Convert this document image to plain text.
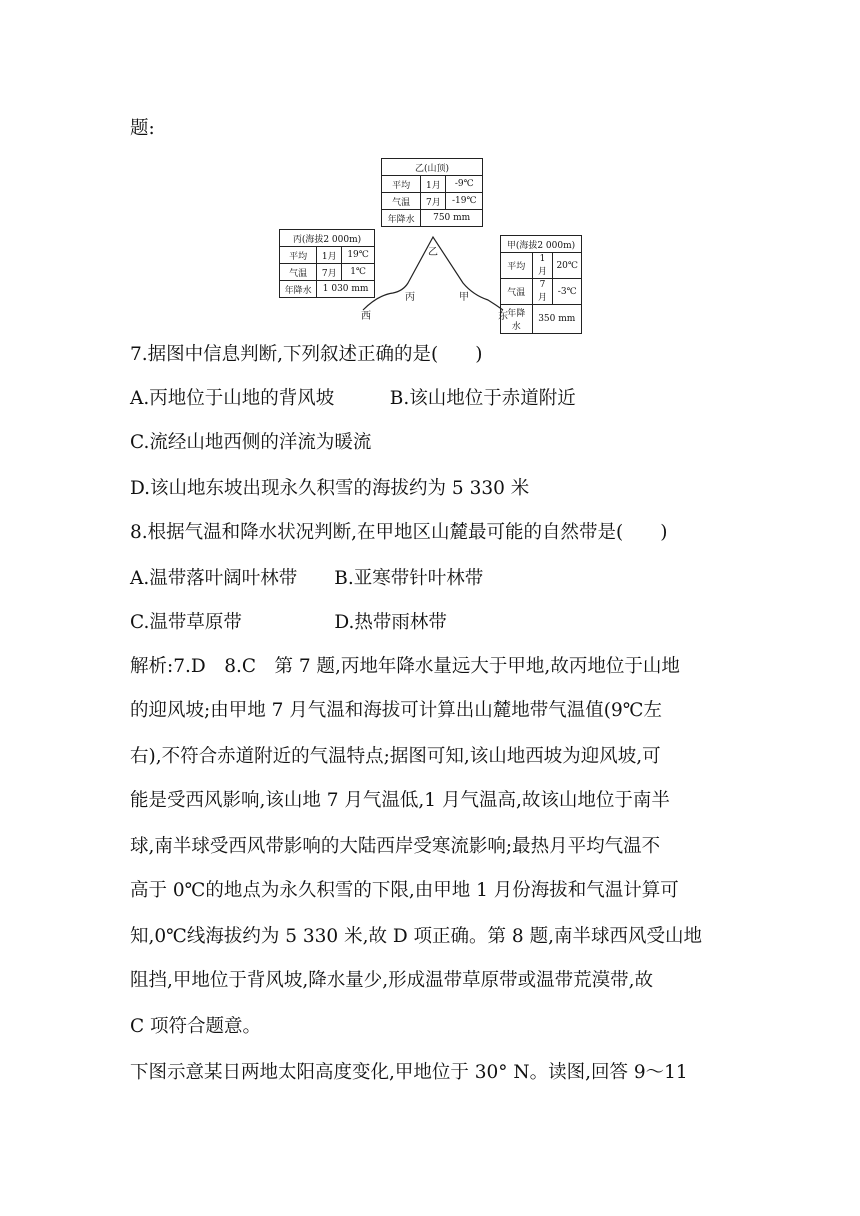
题:
乙(山顶)		
平均	1月	-9℃
气温	7月	-19℃
年降水	750 mm	
丙(海拔2 000m)		
平均	1月	19℃
气温	7月	1℃
年降水	1 030 mm	
甲(海拔2 000m)		
平均	1月	20℃
气温	7月	-3℃
年降水	350 mm	
乙
丙	甲
西	东
7.据图中信息判断,下列叙述正确的是(　　)
A.丙地位于山地的背风坡　　　B.该山地位于赤道附近
C.流经山地西侧的洋流为暖流
D.该山地东坡出现永久积雪的海拔约为 5 330 米
8.根据气温和降水状况判断,在甲地区山麓最可能的自然带是(　　)
A.温带落叶阔叶林带　　B.亚寒带针叶林带
C.温带草原带　　　　　D.热带雨林带
解析:7.D　8.C　第 7 题,丙地年降水量远大于甲地,故丙地位于山地
的迎风坡;由甲地 7 月气温和海拔可计算出山麓地带气温值(9℃左
右),不符合赤道附近的气温特点;据图可知,该山地西坡为迎风坡,可
能是受西风影响,该山地 7 月气温低,1 月气温高,故该山地位于南半
球,南半球受西风带影响的大陆西岸受寒流影响;最热月平均气温不
高于 0℃的地点为永久积雪的下限,由甲地 1 月份海拔和气温计算可
知,0℃线海拔约为 5 330 米,故 D 项正确。第 8 题,南半球西风受山地
阻挡,甲地位于背风坡,降水量少,形成温带草原带或温带荒漠带,故
C 项符合题意。
下图示意某日两地太阳高度变化,甲地位于 30° N。读图,回答 9～11
